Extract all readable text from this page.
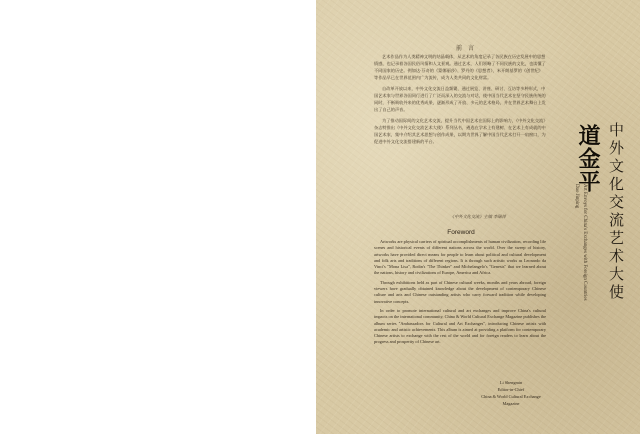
前 言

艺术作品作为人类精神文明的结晶载体，从艺术的角度记录了各民族在历史发展中的思想情感，也记录着各国民俗风情和人文景观。通过艺术，人们领略了不同民族的文化，也读懂了不同国家的历史。例如达·芬奇的《蒙娜丽莎》、罗丹的《思想者》、米开朗基罗的《创世纪》等作品早已在世界范围内广为流传，成为人类共同的文化财富。

自改革开放以来，中外文化交流日益频繁，通过展览、讲座、研讨、互访等多种形式，中国艺术家与世界各国同行进行了广泛而深入的交流与对话，使中国当代艺术在坚守民族传统的同时，不断吸收外来的优秀成果，逐渐形成了开放、多元的艺术格局，并在世界艺术舞台上发出了自己的声音。

为了推动国际间的文化艺术交流，提升当代中国艺术在国际上的影响力，《中外文化交流》杂志特推出《中外文化交流艺术大使》系列丛书，遴选在学术上有建树、在艺术上有成就的中国艺术家，集中介绍其艺术思想与创作成果，以期为世界了解中国当代艺术打开一扇窗口，为促进中外文化交流搭建新的平台。

《中外文化交流》主编 李瑞萍
Foreword

Artworks are physical carriers of spiritual accomplishments of human civilization, recording life scenes and historical events of different nations across the world. Over the sweep of history, artworks have provided direct means for people to learn about political and cultural development and folk arts and traditions of different regions. It is through such artistic works as Leonardo da Vinci's "Mona Lisa", Rodin's "The Thinker" and Michelangelo's "Genesis" that we learned about the nations, history and civilizations of Europe, America and Africa.

Through exhibitions held as part of Chinese cultural weeks, months and years abroad, foreign viewers have gradually obtained knowledge about the development of contemporary Chinese culture and arts and Chinese outstanding artists who carry forward tradition while developing innovative concepts.

In order to promote international cultural and art exchanges and improve China's cultural impacts on the international community, China & World Cultural Exchange Magazine publishes the album series "Ambassadors for Cultural and Art Exchanges", introducing Chinese artists with academic and artistic achievements. This album is aimed at providing a platform for contemporary Chinese artists to exchange with the rest of the world and for foreign readers to learn about the progress and prosperity of Chinese art.

Li Shengmin
Editor-in-Chief
China & World Cultural Exchange Magazine
中外文化交流艺术大使
道金平
Art Envoys for China's Exchanges with Foreign Countries
Dao Jinping
